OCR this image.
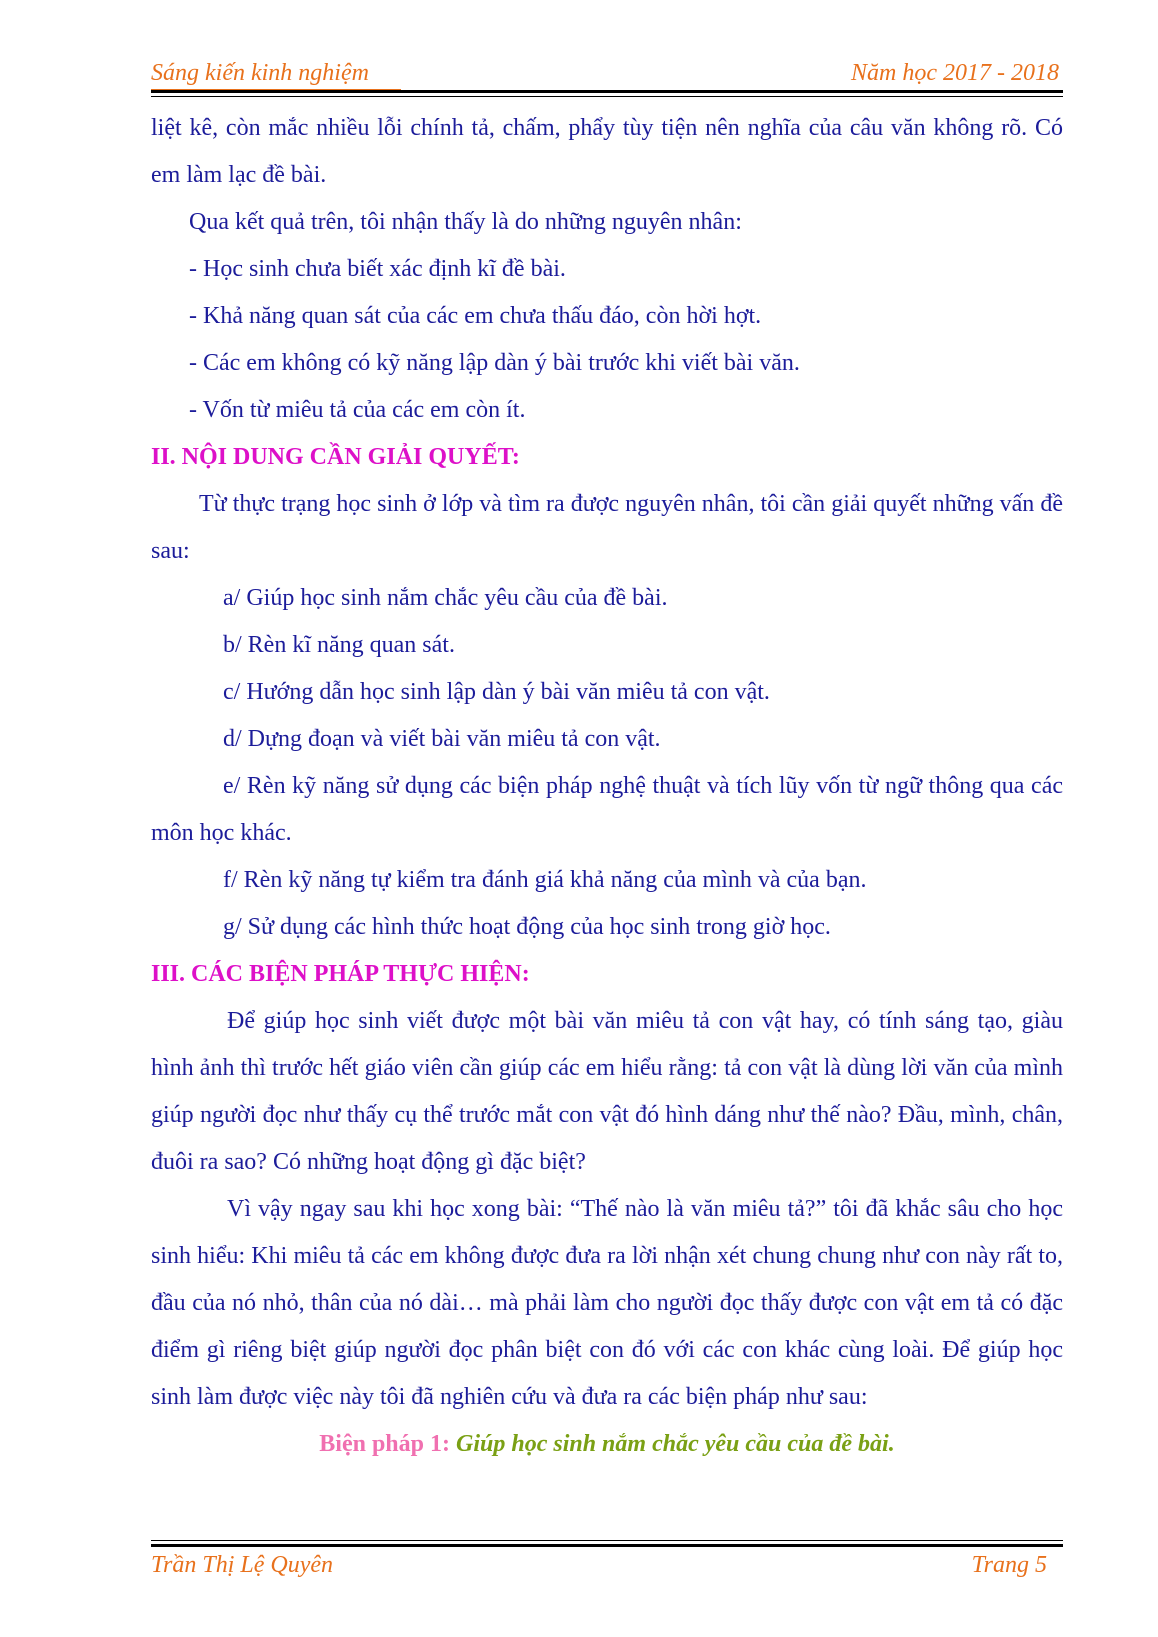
Sáng kiến kinh nghiệm	Năm học 2017 - 2018

liệt kê, còn mắc nhiều lỗi chính tả, chấm, phẩy tùy tiện nên nghĩa của câu văn không rõ. Có em làm lạc đề bài.

Qua kết quả trên, tôi nhận thấy là do những nguyên nhân:

- Học sinh chưa biết xác định kĩ đề bài.

- Khả năng quan sát của các em chưa thấu đáo, còn hời hợt.

- Các em không có kỹ năng lập dàn ý bài trước khi viết bài văn.

- Vốn từ miêu tả của các em còn ít.

II. NỘI DUNG CẦN GIẢI QUYẾT:

Từ thực trạng học sinh ở lớp và tìm ra được nguyên nhân, tôi cần giải quyết những vấn đề sau:

a/ Giúp học sinh nắm chắc yêu cầu của đề bài.

b/ Rèn kĩ năng quan sát.

c/ Hướng dẫn học sinh lập dàn ý bài văn miêu tả con vật.

d/ Dựng đoạn và viết bài văn miêu tả con vật.

e/ Rèn kỹ năng sử dụng các biện pháp nghệ thuật và tích lũy vốn từ ngữ thông qua các môn học khác.

f/ Rèn kỹ năng tự kiểm tra đánh giá khả năng của mình và của bạn.

g/ Sử dụng các hình thức hoạt động của học sinh trong giờ học.

III. CÁC BIỆN PHÁP THỰC HIỆN:

Để giúp học sinh viết được một bài văn miêu tả con vật hay, có tính sáng tạo, giàu hình ảnh thì trước hết giáo viên cần giúp các em hiểu rằng: tả con vật là dùng lời văn của mình giúp người đọc như thấy cụ thể trước mắt con vật đó hình dáng như thế nào? Đầu, mình, chân, đuôi ra sao? Có những hoạt động gì đặc biệt?

Vì vậy ngay sau khi học xong bài: “Thế nào là văn miêu tả?” tôi đã khắc sâu cho học sinh hiểu: Khi miêu tả các em không được đưa ra lời nhận xét chung chung như con này rất to, đầu của nó nhỏ, thân của nó dài… mà phải làm cho người đọc thấy được con vật em tả có đặc điểm gì riêng biệt giúp người đọc phân biệt con đó với các con khác cùng loài. Để giúp học sinh làm được việc này tôi đã nghiên cứu và đưa ra các biện pháp như sau:

Biện pháp 1: Giúp học sinh nắm chắc yêu cầu của đề bài.

Trần Thị Lệ Quyên	Trang 5
